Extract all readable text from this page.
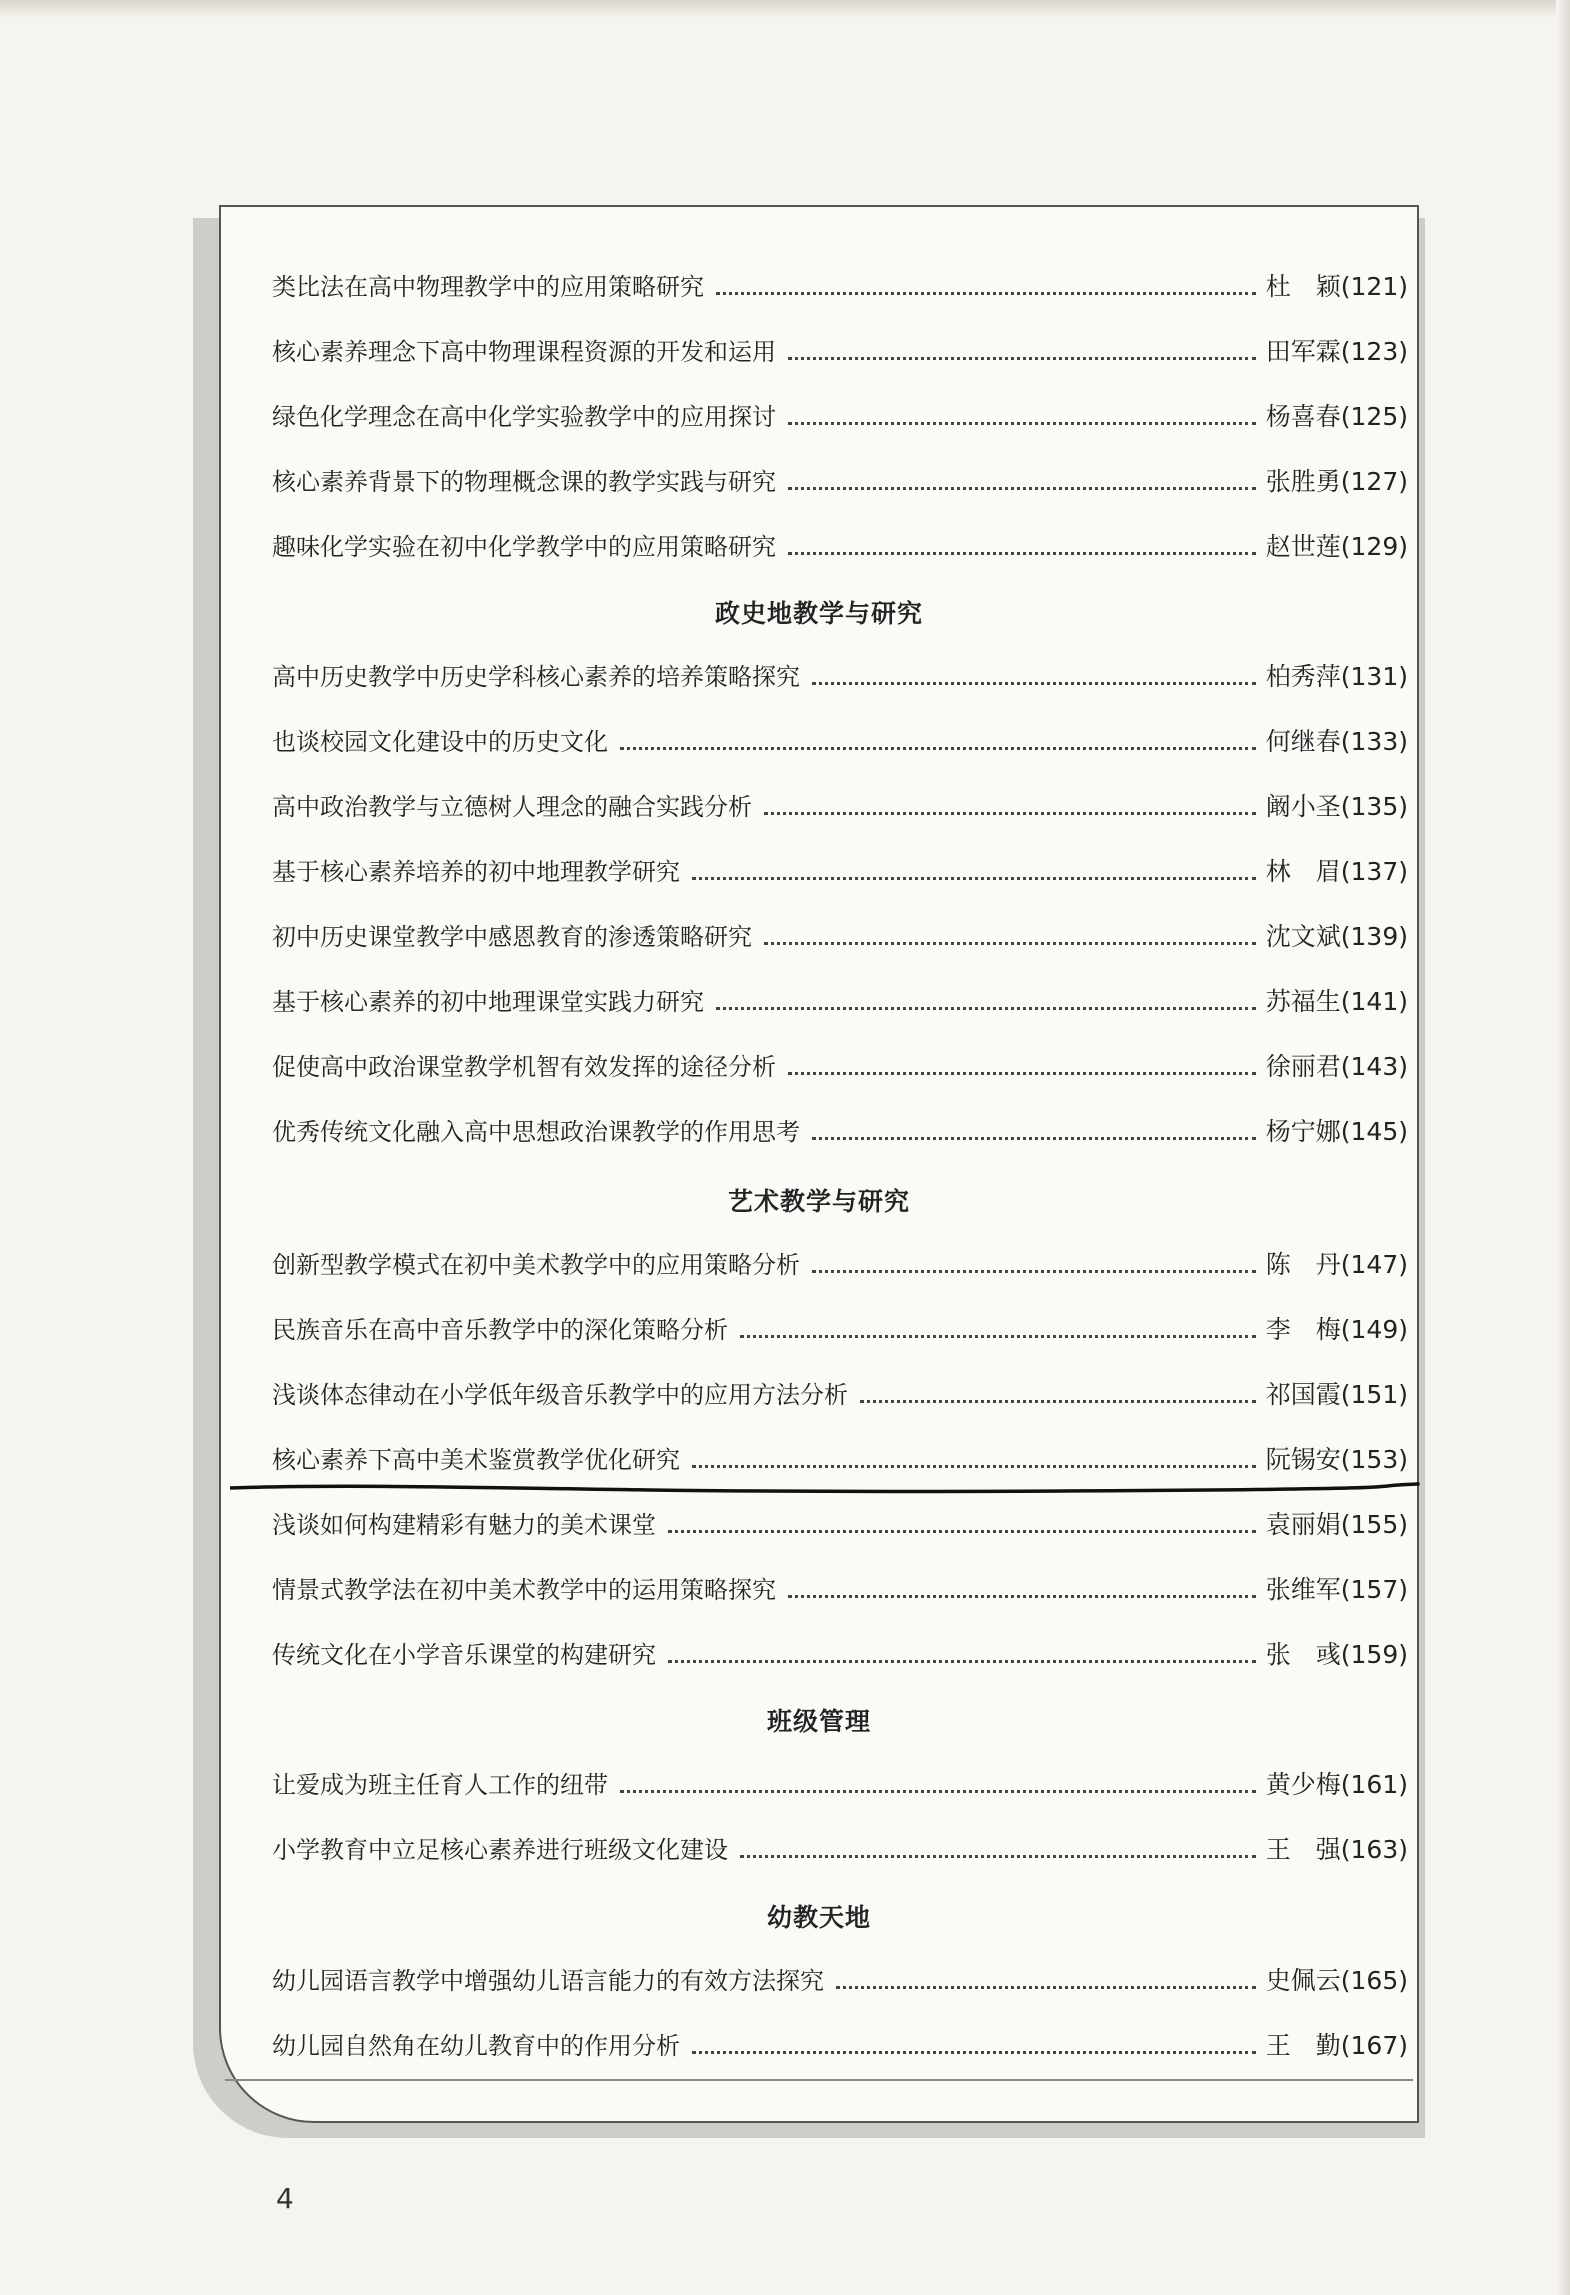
类比法在高中物理教学中的应用策略研究	杜　颖(121)
核心素养理念下高中物理课程资源的开发和运用	田军霖(123)
绿色化学理念在高中化学实验教学中的应用探讨	杨喜春(125)
核心素养背景下的物理概念课的教学实践与研究	张胜勇(127)
趣味化学实验在初中化学教学中的应用策略研究	赵世莲(129)
政史地教学与研究
高中历史教学中历史学科核心素养的培养策略探究	柏秀萍(131)
也谈校园文化建设中的历史文化	何继春(133)
高中政治教学与立德树人理念的融合实践分析	阚小圣(135)
基于核心素养培养的初中地理教学研究	林　眉(137)
初中历史课堂教学中感恩教育的渗透策略研究	沈文斌(139)
基于核心素养的初中地理课堂实践力研究	苏福生(141)
促使高中政治课堂教学机智有效发挥的途径分析	徐丽君(143)
优秀传统文化融入高中思想政治课教学的作用思考	杨宁娜(145)
艺术教学与研究
创新型教学模式在初中美术教学中的应用策略分析	陈　丹(147)
民族音乐在高中音乐教学中的深化策略分析	李　梅(149)
浅谈体态律动在小学低年级音乐教学中的应用方法分析	祁国霞(151)
核心素养下高中美术鉴赏教学优化研究	阮锡安(153)
浅谈如何构建精彩有魅力的美术课堂	袁丽娟(155)
情景式教学法在初中美术教学中的运用策略探究	张维军(157)
传统文化在小学音乐课堂的构建研究	张　彧(159)
班级管理
让爱成为班主任育人工作的纽带	黄少梅(161)
小学教育中立足核心素养进行班级文化建设	王　强(163)
幼教天地
幼儿园语言教学中增强幼儿语言能力的有效方法探究	史佩云(165)
幼儿园自然角在幼儿教育中的作用分析	王　勤(167)
4
